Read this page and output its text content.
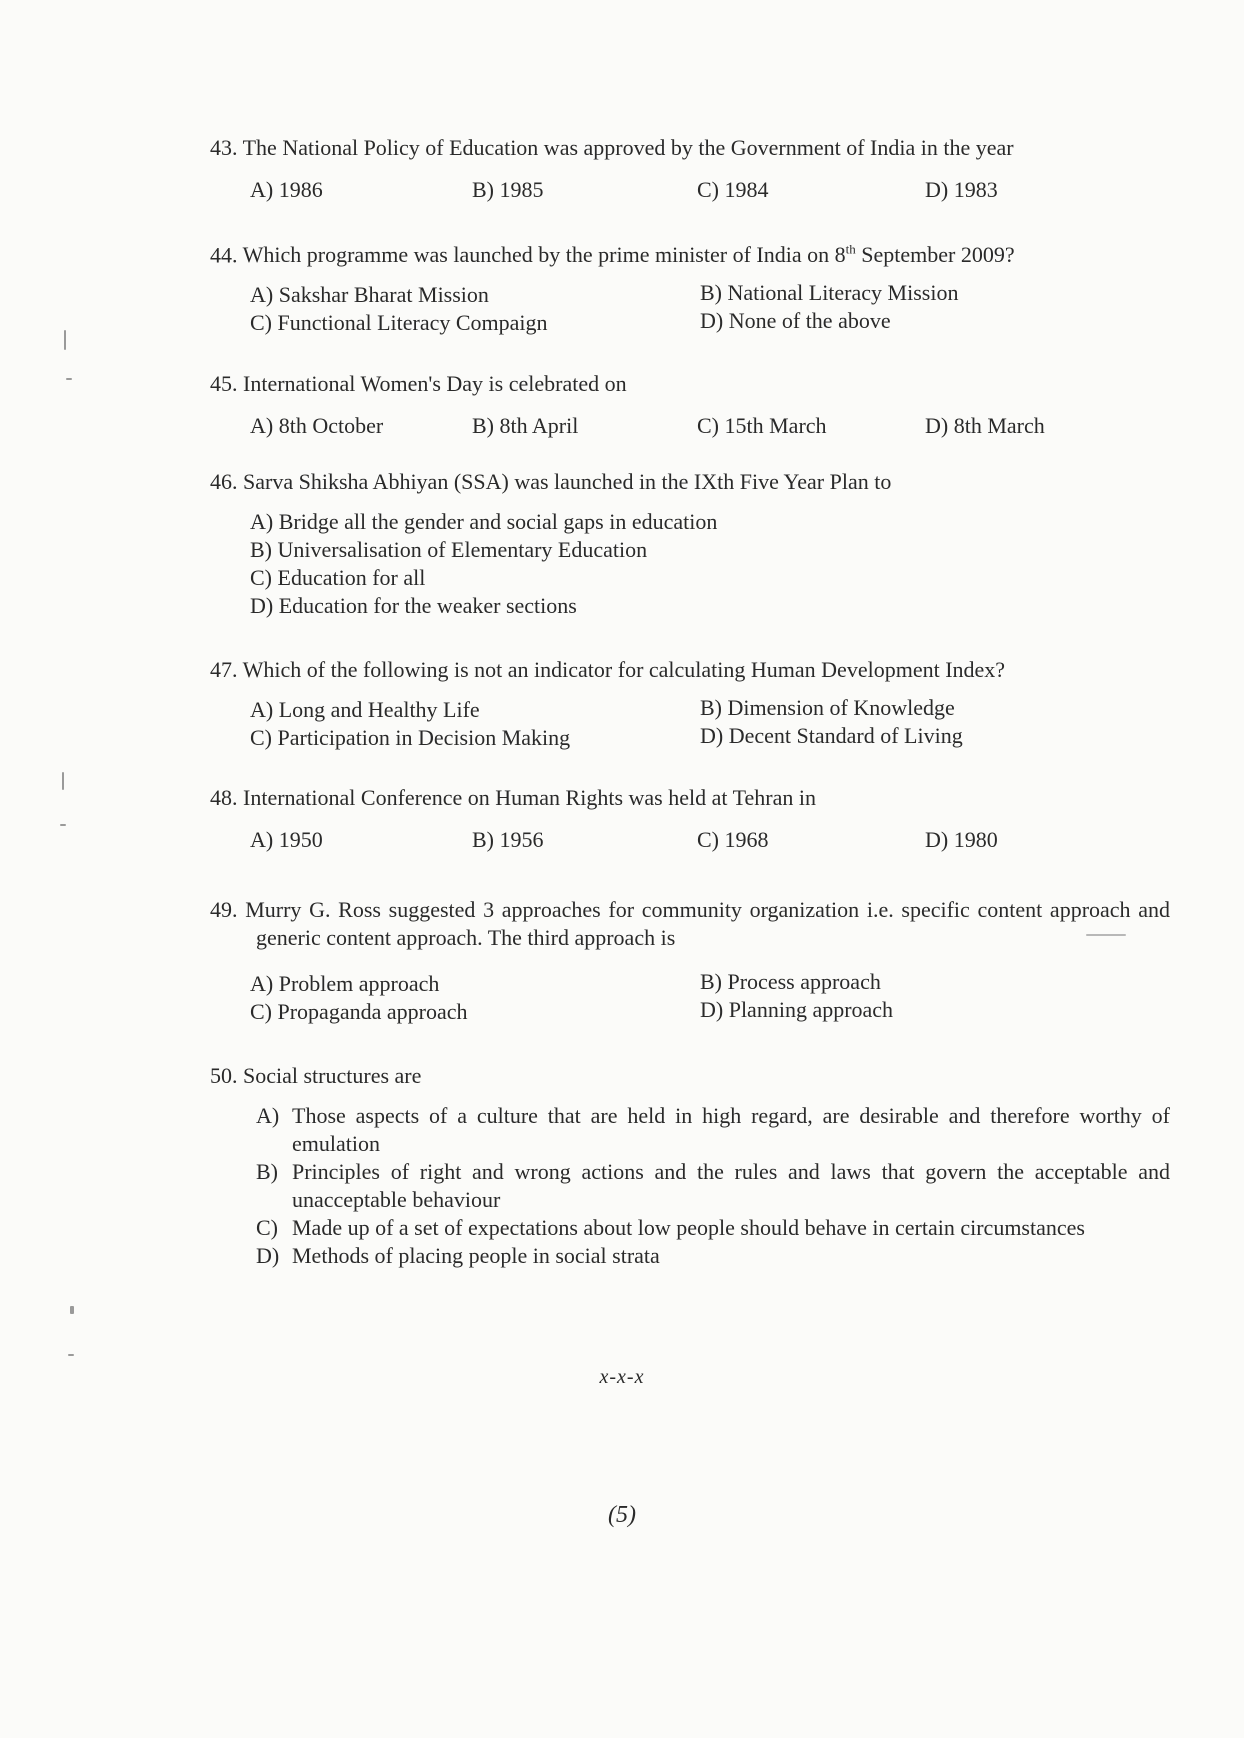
43. The National Policy of Education was approved by the Government of India in the year
A) 1986	B) 1985	C) 1984	D) 1983
44. Which programme was launched by the prime minister of India on 8th September 2009?
A) Sakshar Bharat Mission	B) National Literacy Mission
C) Functional Literacy Compaign	D) None of the above
45. International Women's Day is celebrated on
A) 8th October	B) 8th April	C) 15th March	D) 8th March
46. Sarva Shiksha Abhiyan (SSA) was launched in the IXth Five Year Plan to
A) Bridge all the gender and social gaps in education
B) Universalisation of Elementary Education
C) Education for all
D) Education for the weaker sections
47. Which of the following is not an indicator for calculating Human Development Index?
A) Long and Healthy Life	B) Dimension of Knowledge
C) Participation in Decision Making	D) Decent Standard of Living
48. International Conference on Human Rights was held at Tehran in
A) 1950	B) 1956	C) 1968	D) 1980
49. Murry G. Ross suggested 3 approaches for community organization i.e. specific content approach and generic content approach. The third approach is
A) Problem approach	B) Process approach
C) Propaganda approach	D) Planning approach
50. Social structures are
A) Those aspects of a culture that are held in high regard, are desirable and therefore worthy of emulation
B) Principles of right and wrong actions and the rules and laws that govern the acceptable and unacceptable behaviour
C) Made up of a set of expectations about low people should behave in certain circumstances
D) Methods of placing people in social strata
x-x-x
(5)
